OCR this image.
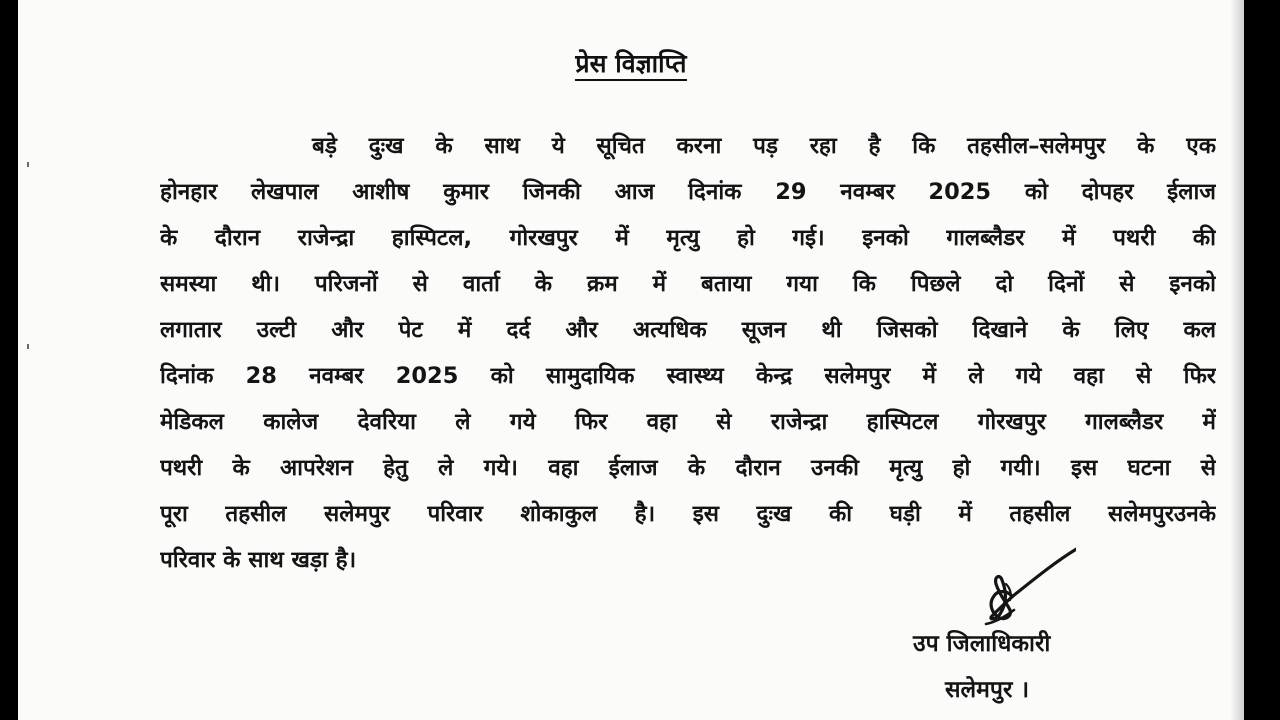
प्रेस विज्ञाप्ति
बड़े दुःख के साथ ये सूचित करना पड़ रहा है कि तहसील–सलेमपुर के एक
होनहार लेखपाल आशीष कुमार जिनकी आज दिनांक 29 नवम्बर 2025 को दोपहर ईलाज
के दौरान राजेन्द्रा हास्पिटल, गोरखपुर में मृत्यु हो गई। इनको गालब्लैडर में पथरी की
समस्या थी। परिजनों से वार्ता के क्रम में बताया गया कि पिछले दो दिनों से इनको
लगातार उल्टी और पेट में दर्द और अत्यधिक सूजन थी जिसको दिखाने के लिए कल
दिनांक 28 नवम्बर 2025 को सामुदायिक स्वास्थ्य केन्द्र सलेमपुर में ले गये वहा से फिर
मेडिकल कालेज देवरिया ले गये फिर वहा से राजेन्द्रा हास्पिटल गोरखपुर गालब्लैडर में
पथरी के आपरेशन हेतु ले गये। वहा ईलाज के दौरान उनकी मृत्यु हो गयी। इस घटना से
पूरा तहसील सलेमपुर परिवार शोकाकुल है। इस दुःख की घड़ी में तहसील सलेमपुरउनके
परिवार के साथ खड़ा है।
उप जिलाधिकारी
सलेमपुर ।
